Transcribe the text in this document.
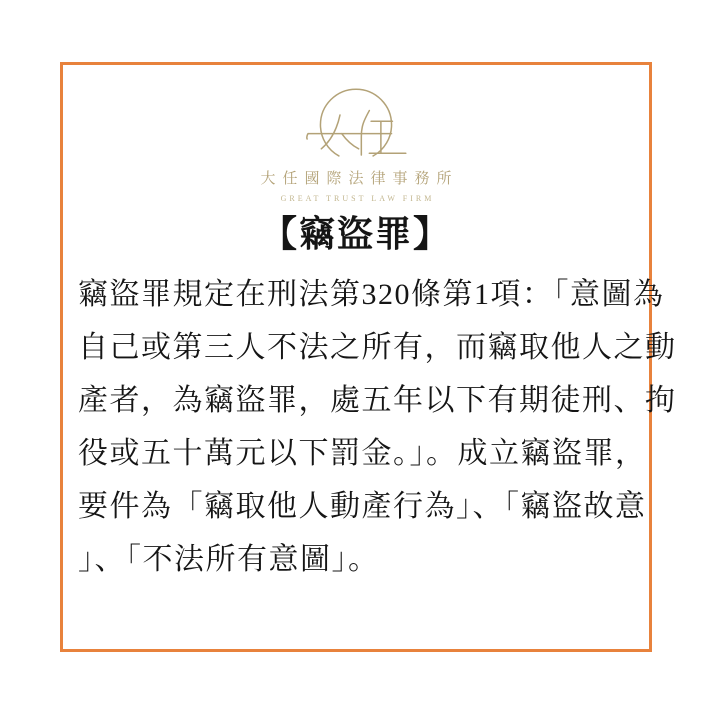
大任國際法律事務所
GREAT TRUST LAW FIRM
【竊盜罪】
竊盜罪規定在刑法第320條第1項：「意圖為
自己或第三人不法之所有，而竊取他人之動
產者，為竊盜罪，處五年以下有期徒刑、拘
役或五十萬元以下罰金。」。成立竊盜罪，
要件為「竊取他人動產行為」、「竊盜故意
」、「不法所有意圖」。
